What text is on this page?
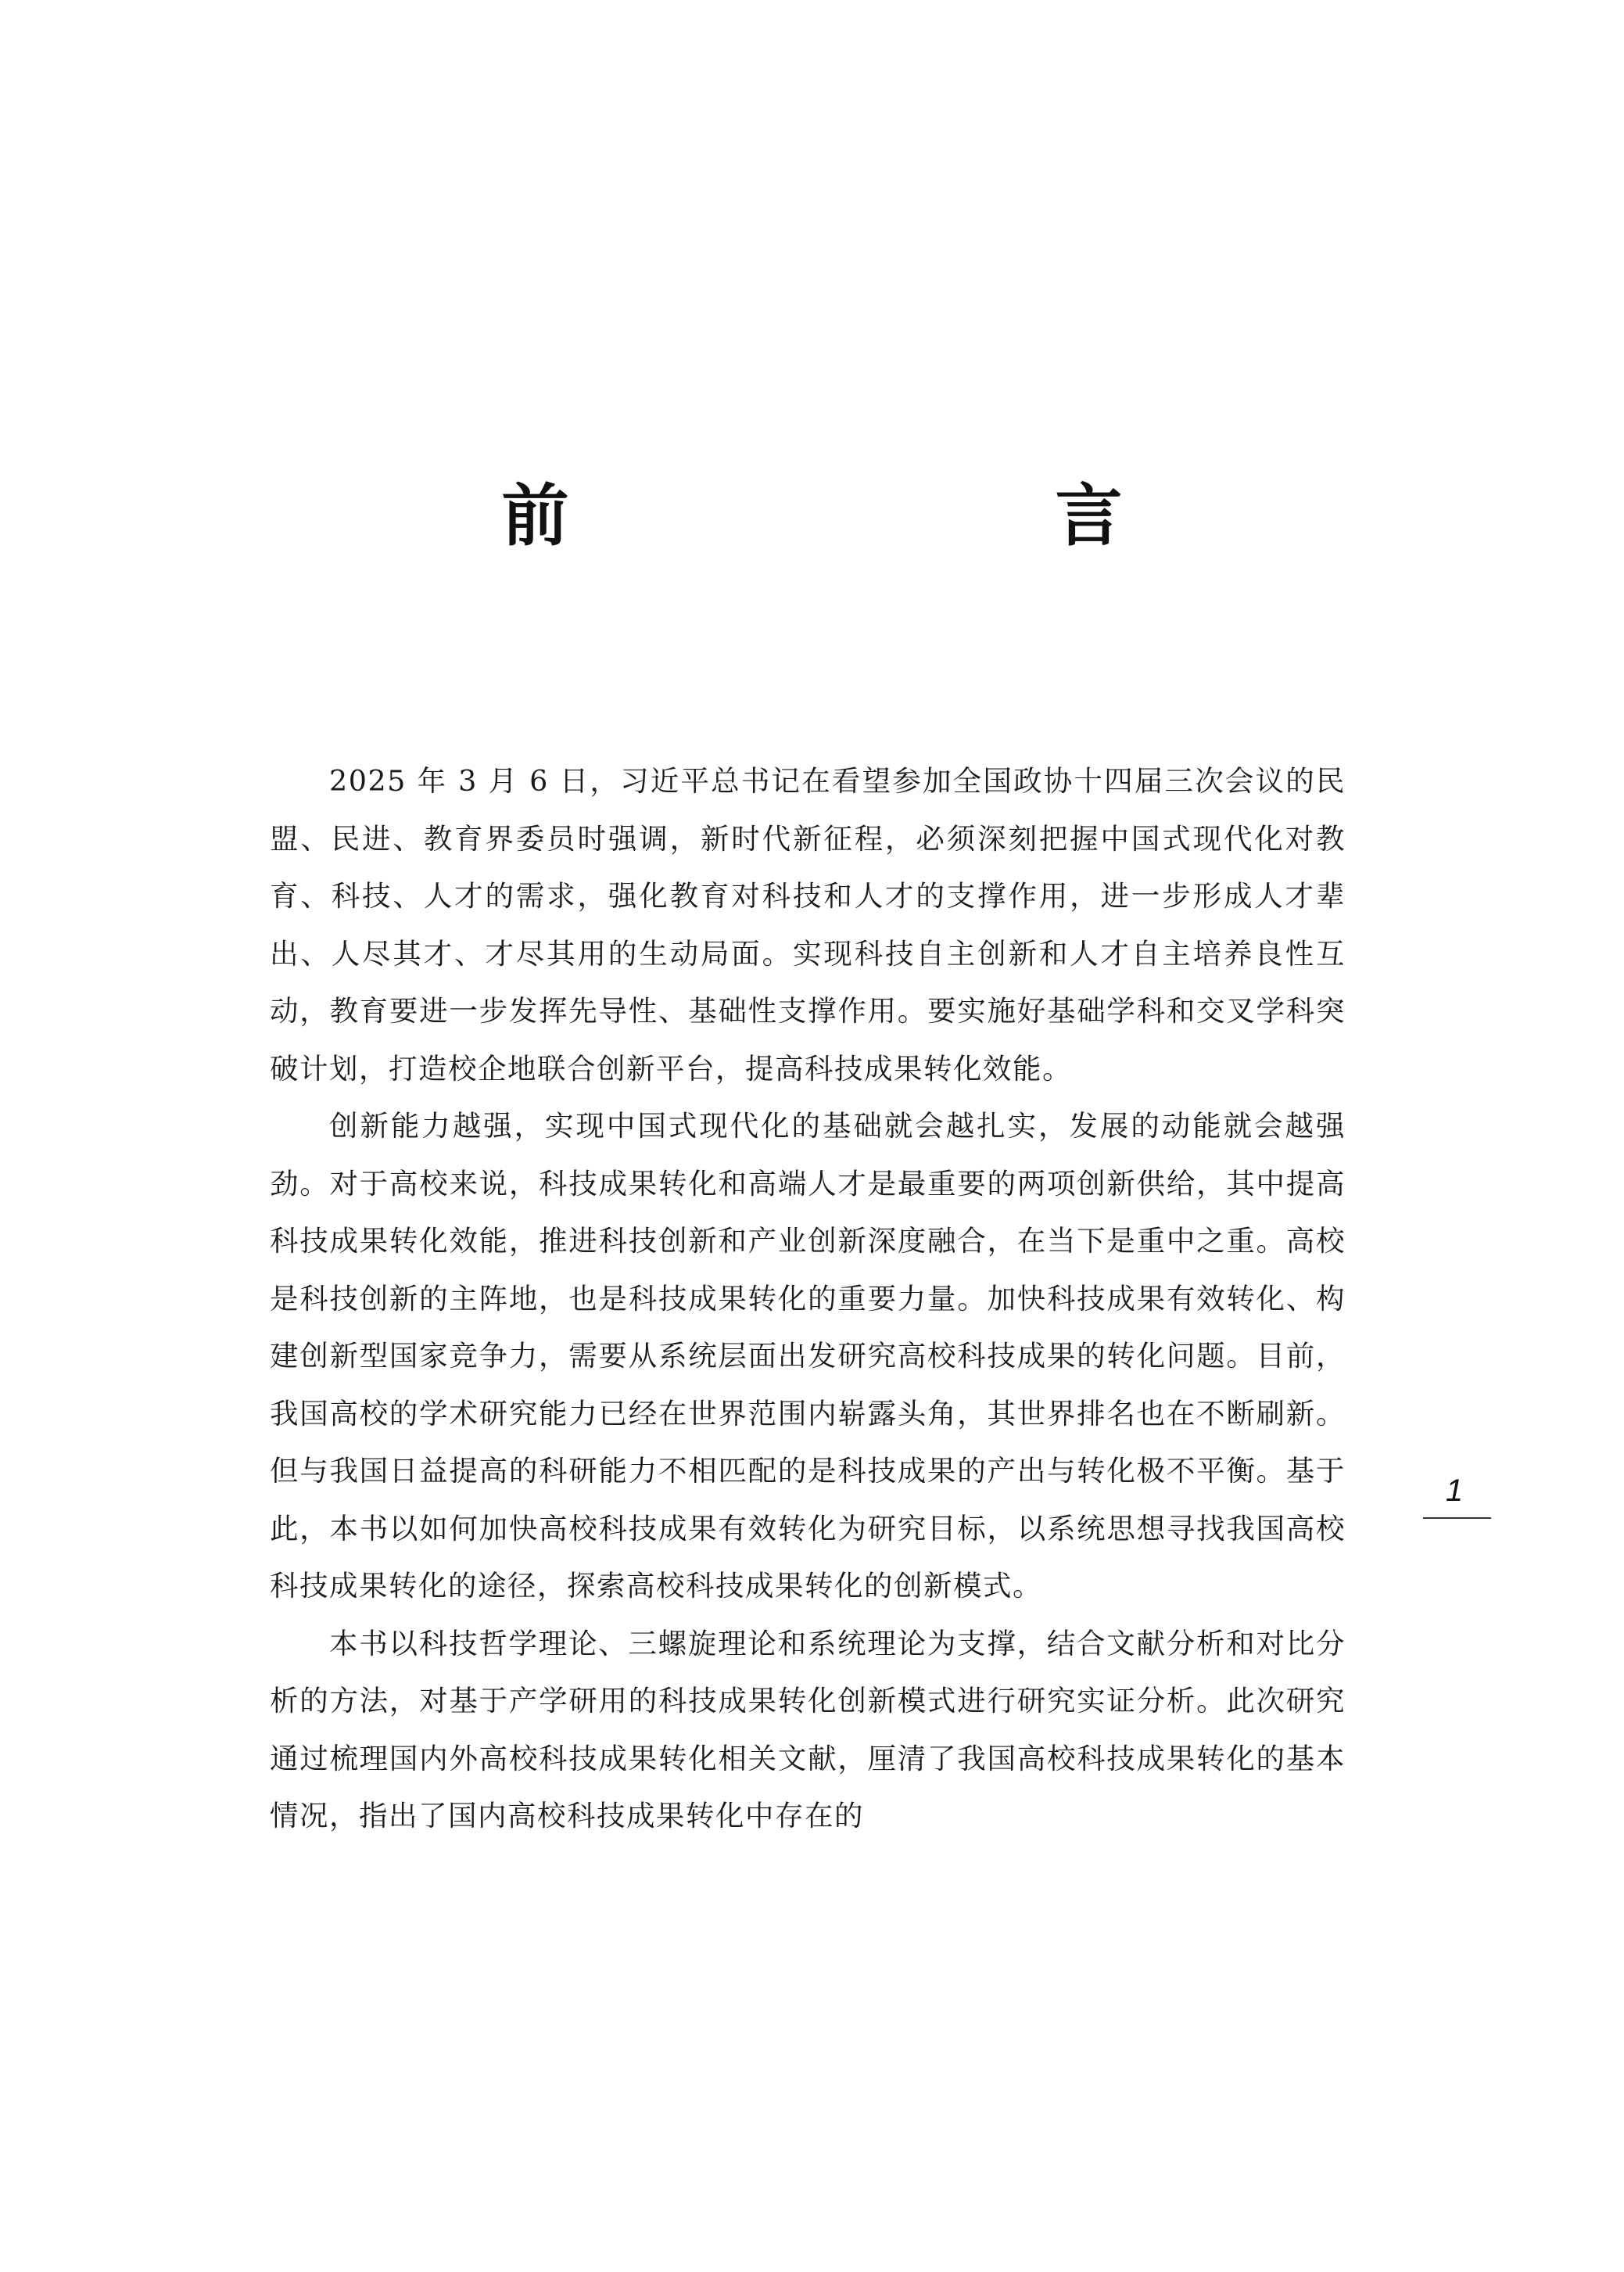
前　　言

2025 年 3 月 6 日，习近平总书记在看望参加全国政协十四届三次会议的民盟、民进、教育界委员时强调，新时代新征程，必须深刻把握中国式现代化对教育、科技、人才的需求，强化教育对科技和人才的支撑作用，进一步形成人才辈出、人尽其才、才尽其用的生动局面。实现科技自主创新和人才自主培养良性互动，教育要进一步发挥先导性、基础性支撑作用。要实施好基础学科和交叉学科突破计划，打造校企地联合创新平台，提高科技成果转化效能。

创新能力越强，实现中国式现代化的基础就会越扎实，发展的动能就会越强劲。对于高校来说，科技成果转化和高端人才是最重要的两项创新供给，其中提高科技成果转化效能，推进科技创新和产业创新深度融合，在当下是重中之重。高校是科技创新的主阵地，也是科技成果转化的重要力量。加快科技成果有效转化、构建创新型国家竞争力，需要从系统层面出发研究高校科技成果的转化问题。目前，我国高校的学术研究能力已经在世界范围内崭露头角，其世界排名也在不断刷新。但与我国日益提高的科研能力不相匹配的是科技成果的产出与转化极不平衡。基于此，本书以如何加快高校科技成果有效转化为研究目标，以系统思想寻找我国高校科技成果转化的途径，探索高校科技成果转化的创新模式。

本书以科技哲学理论、三螺旋理论和系统理论为支撑，结合文献分析和对比分析的方法，对基于产学研用的科技成果转化创新模式进行研究实证分析。此次研究通过梳理国内外高校科技成果转化相关文献，厘清了我国高校科技成果转化的基本情况，指出了国内高校科技成果转化中存在的

1
